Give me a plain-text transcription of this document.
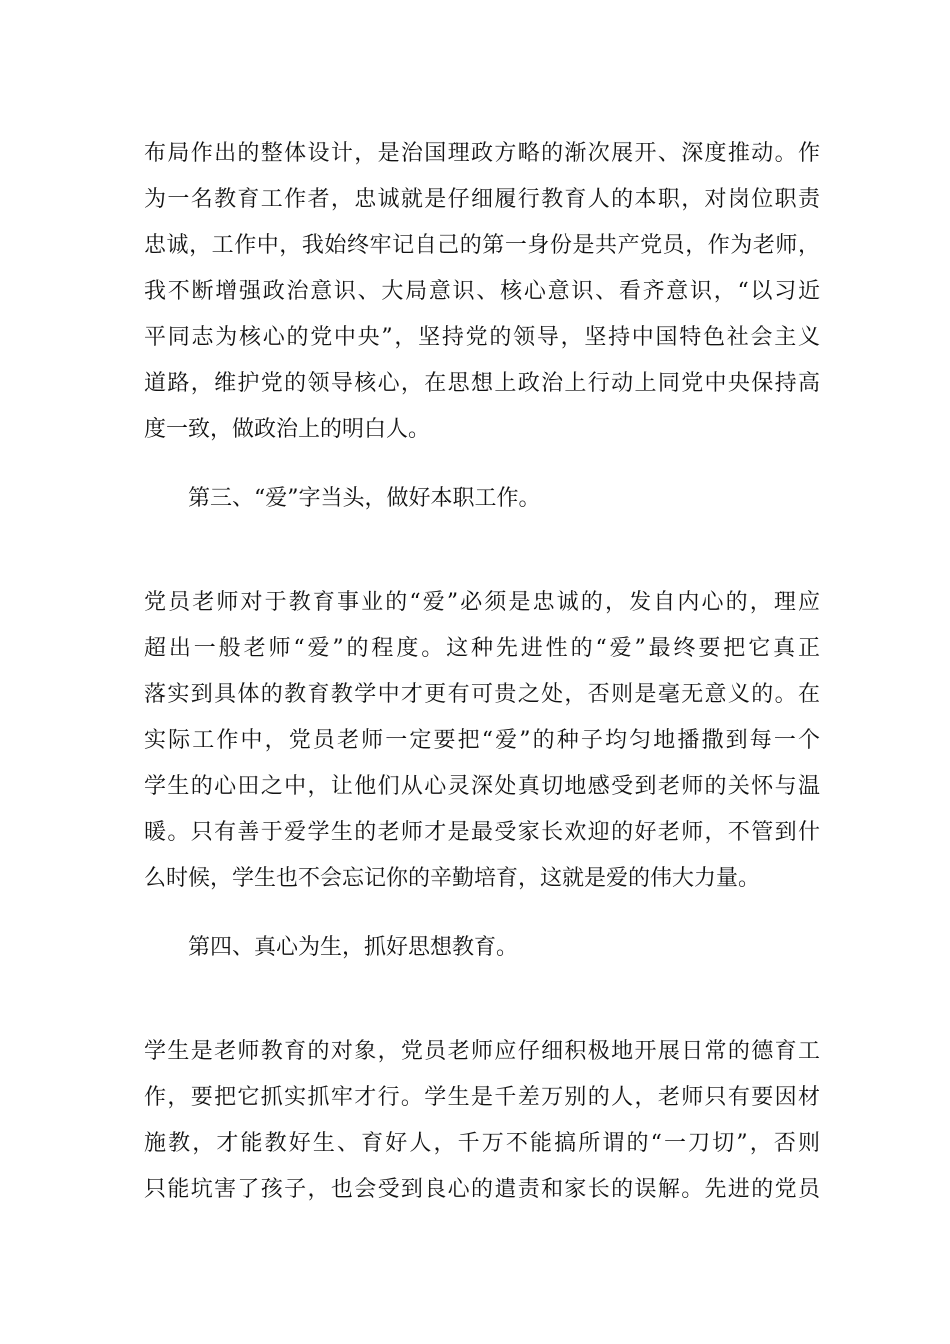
布局作出的整体设计，是治国理政方略的渐次展开、深度推动。作
为一名教育工作者，忠诚就是仔细履行教育人的本职，对岗位职责
忠诚，工作中，我始终牢记自己的第一身份是共产党员，作为老师，
我不断增强政治意识、大局意识、核心意识、看齐意识，“以习近
平同志为核心的党中央”，坚持党的领导，坚持中国特色社会主义
道路，维护党的领导核心，在思想上政治上行动上同党中央保持高
度一致，做政治上的明白人。
第三、“爱”字当头，做好本职工作。
党员老师对于教育事业的“爱”必须是忠诚的，发自内心的，理应
超出一般老师“爱”的程度。这种先进性的“爱”最终要把它真正
落实到具体的教育教学中才更有可贵之处，否则是毫无意义的。在
实际工作中，党员老师一定要把“爱”的种子均匀地播撒到每一个
学生的心田之中，让他们从心灵深处真切地感受到老师的关怀与温
暖。只有善于爱学生的老师才是最受家长欢迎的好老师，不管到什
么时候，学生也不会忘记你的辛勤培育，这就是爱的伟大力量。
第四、真心为生，抓好思想教育。
学生是老师教育的对象，党员老师应仔细积极地开展日常的德育工
作，要把它抓实抓牢才行。学生是千差万别的人，老师只有要因材
施教，才能教好生、育好人，千万不能搞所谓的“一刀切”，否则
只能坑害了孩子，也会受到良心的遣责和家长的误解。先进的党员
